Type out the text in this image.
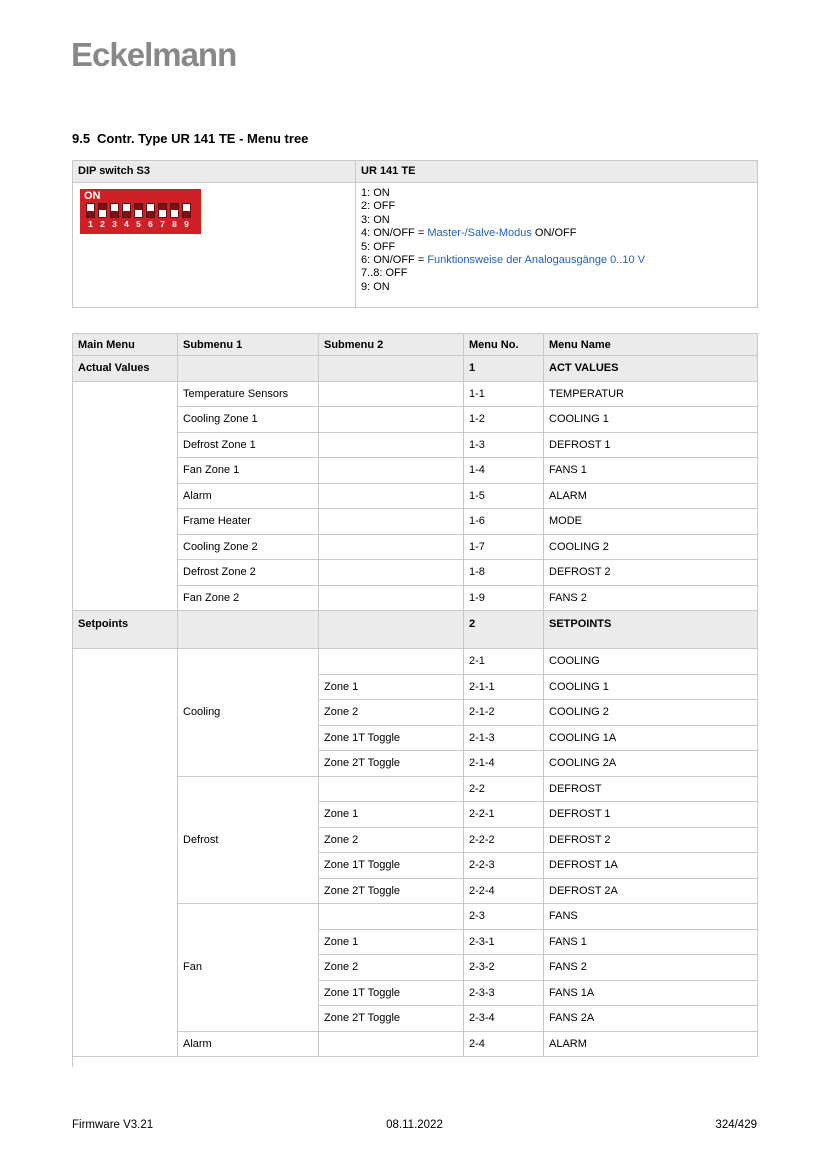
Eckelmann
9.5 Contr. Type UR 141 TE - Menu tree
DIP switch S3	UR 141 TE

ON
1 2 3 4 5 6 7 8 9

1: ON
2: OFF
3: ON
4: ON/OFF = Master-/Salve-Modus ON/OFF
5: OFF
6: ON/OFF = Funktionsweise der Analogausgänge 0..10 V
7..8: OFF
9: ON
Main Menu	Submenu 1	Submenu 2	Menu No.	Menu Name
Actual Values			1	ACT VALUES
	Temperature Sensors		1-1	TEMPERATUR
	Cooling Zone 1		1-2	COOLING 1
	Defrost Zone 1		1-3	DEFROST 1
	Fan Zone 1		1-4	FANS 1
	Alarm		1-5	ALARM
	Frame Heater		1-6	MODE
	Cooling Zone 2		1-7	COOLING 2
	Defrost Zone 2		1-8	DEFROST 2
	Fan Zone 2		1-9	FANS 2
Setpoints			2	SETPOINTS
	Cooling		2-1	COOLING
		Zone 1	2-1-1	COOLING 1
		Zone 2	2-1-2	COOLING 2
		Zone 1T Toggle	2-1-3	COOLING 1A
		Zone 2T Toggle	2-1-4	COOLING 2A
	Defrost		2-2	DEFROST
		Zone 1	2-2-1	DEFROST 1
		Zone 2	2-2-2	DEFROST 2
		Zone 1T Toggle	2-2-3	DEFROST 1A
		Zone 2T Toggle	2-2-4	DEFROST 2A
	Fan		2-3	FANS
		Zone 1	2-3-1	FANS 1
		Zone 2	2-3-2	FANS 2
		Zone 1T Toggle	2-3-3	FANS 1A
		Zone 2T Toggle	2-3-4	FANS 2A
	Alarm		2-4	ALARM
Firmware V3.21	08.11.2022	324/429
